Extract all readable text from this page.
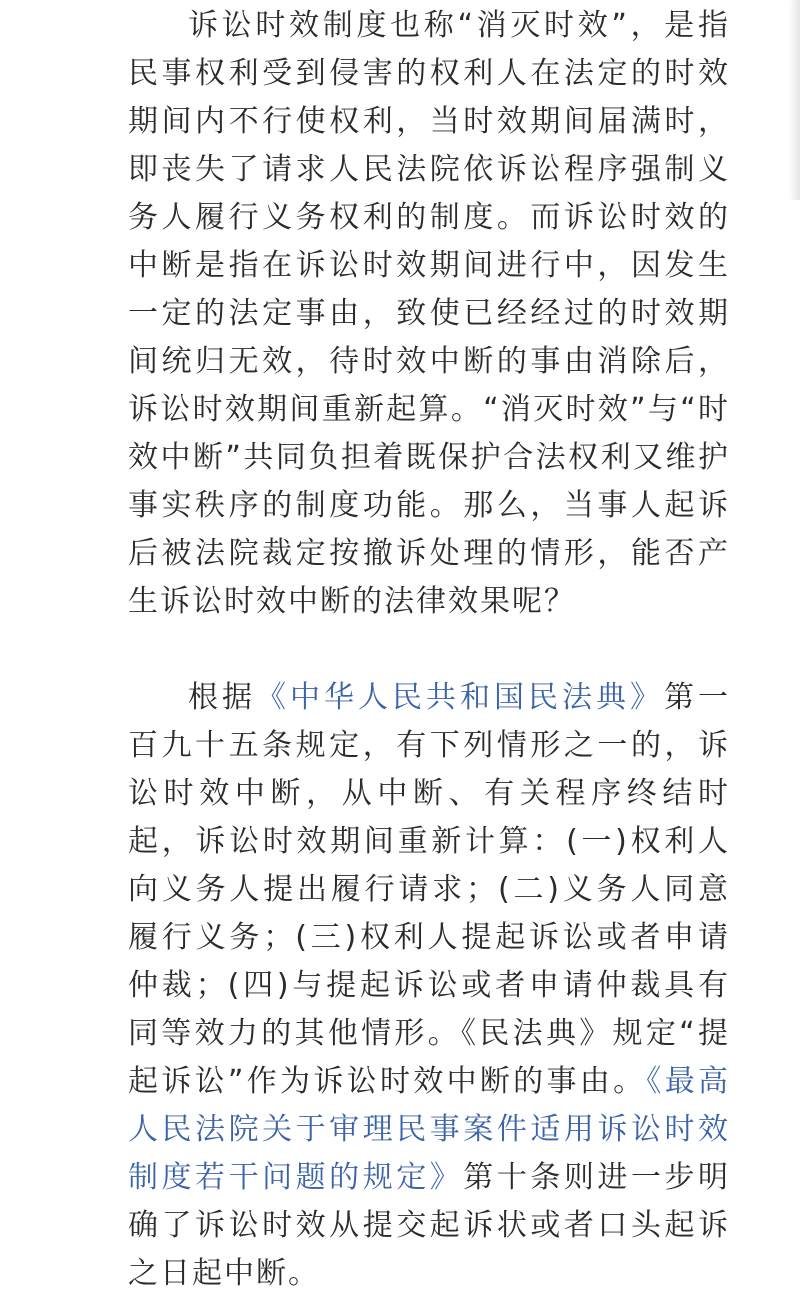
诉讼时效制度也称“消灭时效”，是指民事权利受到侵害的权利人在法定的时效期间内不行使权利，当时效期间届满时，即丧失了请求人民法院依诉讼程序强制义务人履行义务权利的制度。而诉讼时效的中断是指在诉讼时效期间进行中，因发生一定的法定事由，致使已经经过的时效期间统归无效，待时效中断的事由消除后，诉讼时效期间重新起算。“消灭时效”与“时效中断”共同负担着既保护合法权利又维护事实秩序的制度功能。那么，当事人起诉后被法院裁定按撤诉处理的情形，能否产生诉讼时效中断的法律效果呢？

根据《中华人民共和国民法典》第一百九十五条规定，有下列情形之一的，诉讼时效中断，从中断、有关程序终结时起，诉讼时效期间重新计算：(一)权利人向义务人提出履行请求；(二)义务人同意履行义务；(三)权利人提起诉讼或者申请仲裁；(四)与提起诉讼或者申请仲裁具有同等效力的其他情形。《民法典》规定“提起诉讼”作为诉讼时效中断的事由。《最高人民法院关于审理民事案件适用诉讼时效制度若干问题的规定》第十条则进一步明确了诉讼时效从提交起诉状或者口头起诉之日起中断。
